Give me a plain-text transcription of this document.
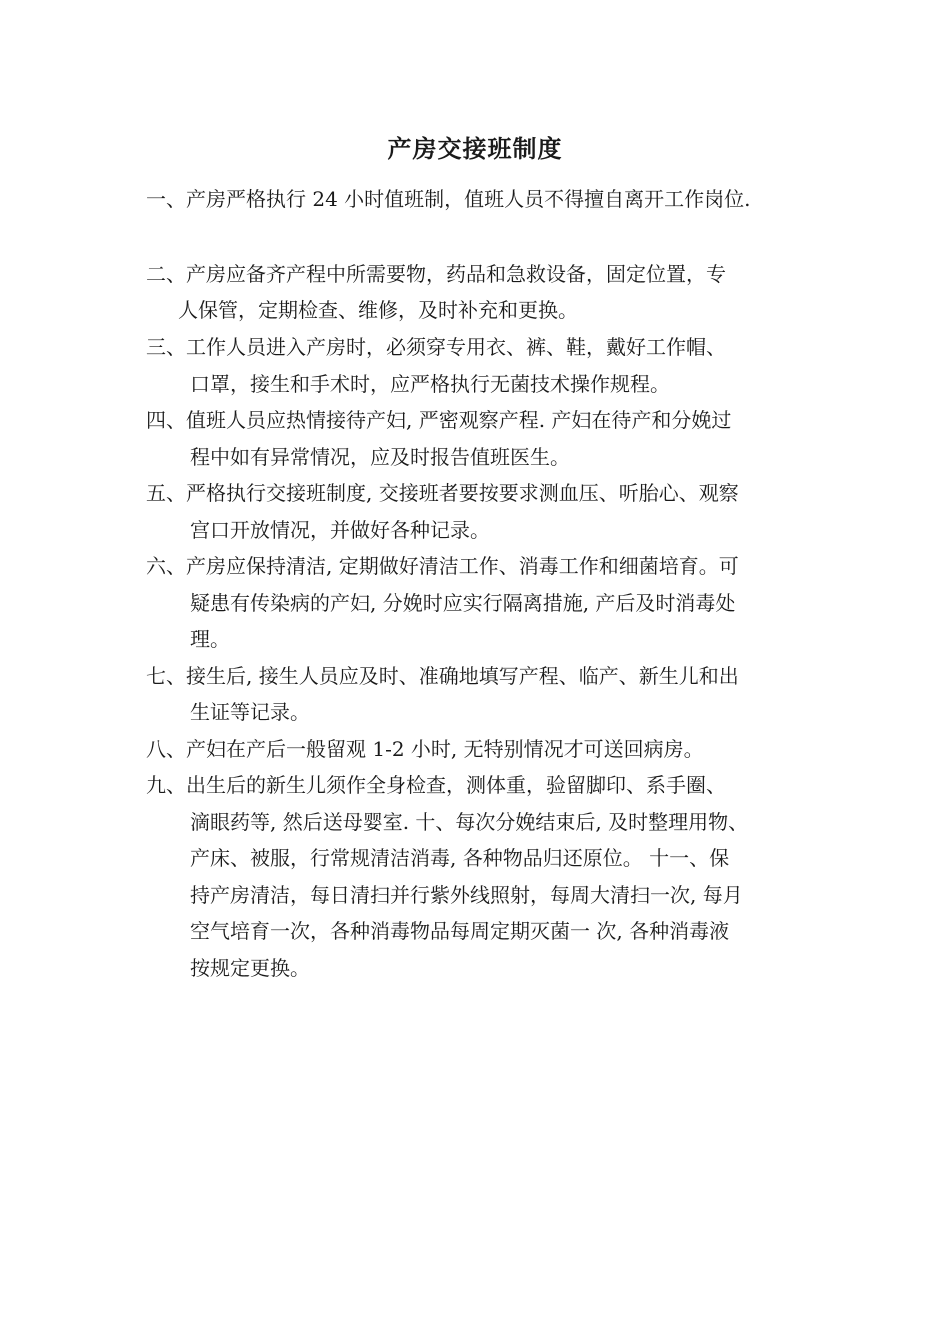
产房交接班制度
一、产房严格执行 24 小时值班制，值班人员不得擅自离开工作岗位.
二、产房应备齐产程中所需要物，药品和急救设备，固定位置，专
人保管，定期检查、维修，及时补充和更换。
三、工作人员进入产房时，必须穿专用衣、裤、鞋，戴好工作帽、
口罩，接生和手术时，应严格执行无菌技术操作规程。
四、值班人员应热情接待产妇, 严密观察产程. 产妇在待产和分娩过
程中如有异常情况，应及时报告值班医生。
五、严格执行交接班制度, 交接班者要按要求测血压、听胎心、观察
宫口开放情况，并做好各种记录。
六、产房应保持清洁, 定期做好清洁工作、消毒工作和细菌培育。可
疑患有传染病的产妇, 分娩时应实行隔离措施, 产后及时消毒处
理。
七、接生后, 接生人员应及时、准确地填写产程、临产、新生儿和出
生证等记录。
八、产妇在产后一般留观 1-2 小时, 无特别情况才可送回病房。
九、出生后的新生儿须作全身检查，测体重，验留脚印、系手圈、
滴眼药等, 然后送母婴室. 十、每次分娩结束后, 及时整理用物、
产床、被服，行常规清洁消毒, 各种物品归还原位。 十一、保
持产房清洁，每日清扫并行紫外线照射，每周大清扫一次, 每月
空气培育一次，各种消毒物品每周定期灭菌一 次, 各种消毒液
按规定更换。
